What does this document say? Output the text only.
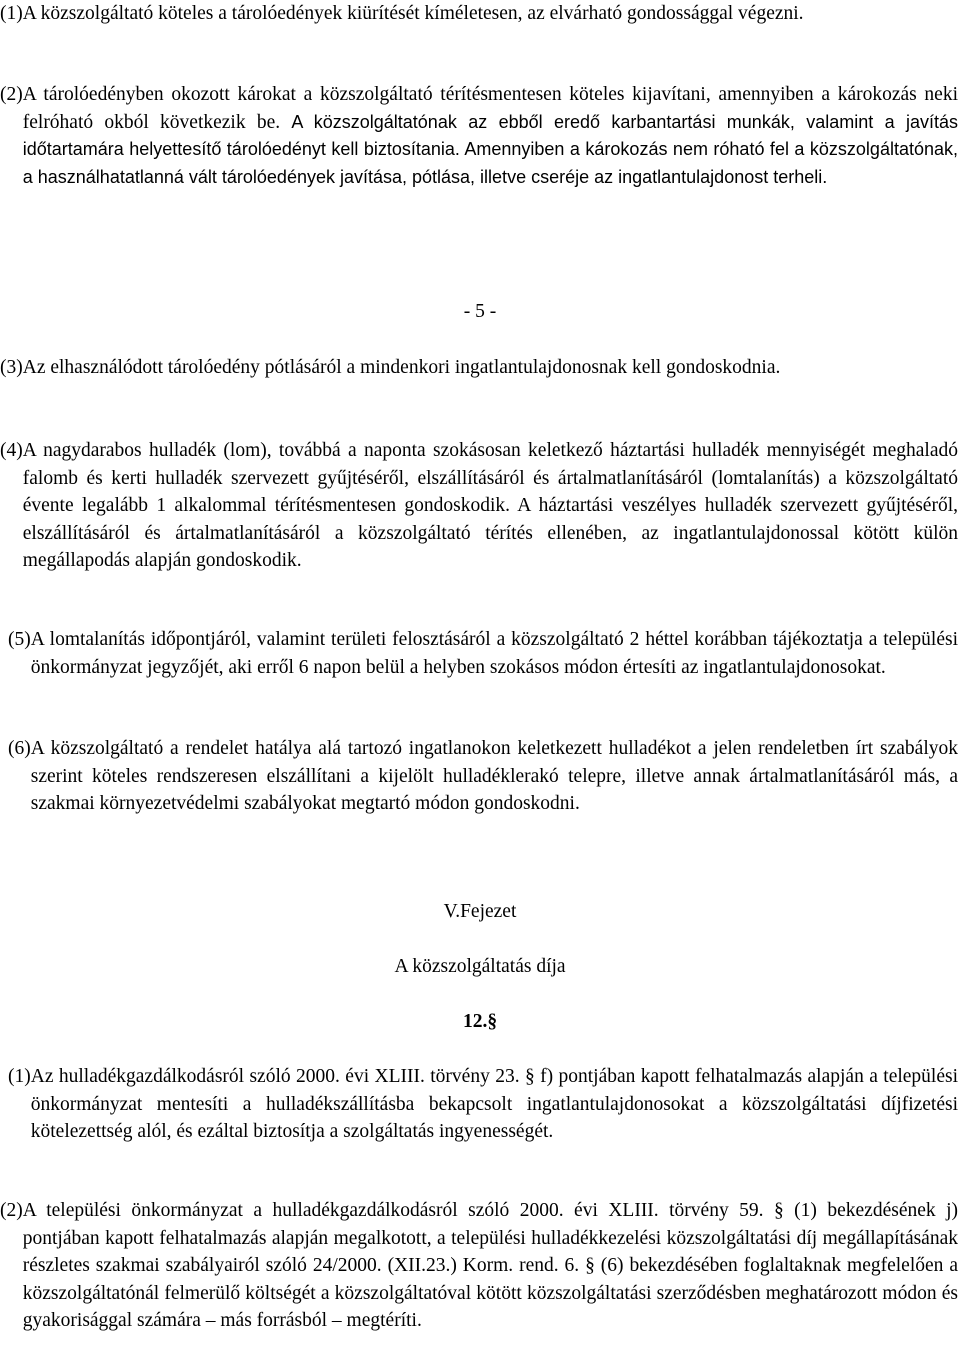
(1) A közszolgáltató köteles a tárolóedények kiürítését kíméletesen, az elvárható gondossággal végezni.
(2) A tárolóedényben okozott károkat a közszolgáltató térítésmentesen köteles kijavítani, amennyiben a károkozás neki felróható okból következik be. A közszolgáltatónak az ebből eredő karbantartási munkák, valamint a javítás időtartamára helyettesítő tárolóedényt kell biztosítania. Amennyiben a károkozás nem róható fel a közszolgáltatónak, a használhatatlanná vált tárolóedények javítása, pótlása, illetve cseréje az ingatlantulajdonost terheli.
- 5 -
(3) Az elhasználódott tárolóedény pótlásáról a mindenkori ingatlantulajdonosnak kell gondoskodnia.
(4) A nagydarabos hulladék (lom), továbbá a naponta szokásosan keletkező háztartási hulladék mennyiségét meghaladó falomb és kerti hulladék szervezett gyűjtéséről, elszállításáról és ártalmatlanításáról (lomtalanítás) a közszolgáltató évente legalább 1 alkalommal térítésmentesen gondoskodik. A háztartási veszélyes hulladék szervezett gyűjtéséről, elszállításáról és ártalmatlanításáról a közszolgáltató térítés ellenében, az ingatlantulajdonossal kötött külön megállapodás alapján gondoskodik.
(5) A lomtalanítás időpontjáról, valamint területi felosztásáról a közszolgáltató 2 héttel korábban tájékoztatja a települési önkormányzat jegyzőjét, aki erről 6 napon belül a helyben szokásos módon értesíti az ingatlantulajdonosokat.
(6) A közszolgáltató a rendelet hatálya alá tartozó ingatlanokon keletkezett hulladékot a jelen rendeletben írt szabályok szerint köteles rendszeresen elszállítani a kijelölt hulladéklerakó telepre, illetve annak ártalmatlanításáról más, a szakmai környezetvédelmi szabályokat megtartó módon gondoskodni.
V.Fejezet
A közszolgáltatás díja
12.§
(1) Az hulladékgazdálkodásról szóló 2000. évi XLIII. törvény 23. § f) pontjában kapott felhatalmazás alapján a települési önkormányzat mentesíti a hulladékszállításba bekapcsolt ingatlantulajdonosokat a közszolgáltatási díjfizetési kötelezettség alól, és ezáltal biztosítja a szolgáltatás ingyenességét.
(2) A települési önkormányzat a hulladékgazdálkodásról szóló 2000. évi XLIII. törvény 59. § (1) bekezdésének j) pontjában kapott felhatalmazás alapján megalkotott, a települési hulladékkezelési közszolgáltatási díj megállapításának részletes szakmai szabályairól szóló 24/2000. (XII.23.) Korm. rend. 6. § (6) bekezdésében foglaltaknak megfelelően a közszolgáltatónál felmerülő költségét a közszolgáltatóval kötött közszolgáltatási szerződésben meghatározott módon és gyakorisággal számára – más forrásból – megtéríti.
